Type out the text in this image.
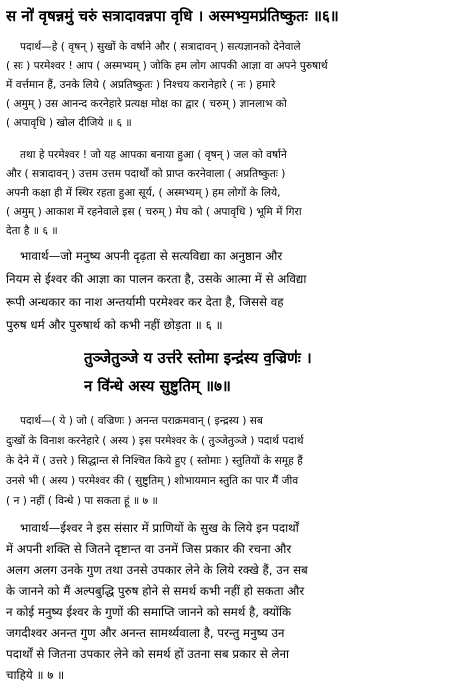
स नो॑ वृषन्नमुं चरुं सत्रादावन्नपा वृधि । अस्मभ्य॒मप्र॑तिष्कुतः ॥६॥
पदार्थ—हे ( वृषन् ) सुखों के वर्षाने और ( सत्रादावन् ) सत्यज्ञानको देनेवाले
( सः ) परमेश्वर ! आप ( अस्मभ्यम् ) जोकि हम लोग आपकी आज्ञा वा अपने पुरुषार्थ
में वर्त्तमान हैं, उनके लिये ( अप्रतिष्कुतः ) निश्चय करानेहारे ( नः ) हमारे
( अमुम् ) उस आनन्द करनेहारे प्रत्यक्ष मोक्ष का द्वार ( चरुम् ) ज्ञानलाभ को
( अपावृधि ) खोल दीजिये ॥ ६ ॥
तथा हे परमेश्वर ! जो यह आपका बनाया हुआ ( वृषन् ) जल को वर्षाने
और ( सत्रादावन् ) उत्तम उत्तम पदार्थों को प्राप्त करनेवाला ( अप्रतिष्कुतः )
अपनी कक्षा ही में स्थिर रहता हुआ सूर्य, ( अस्मभ्यम् ) हम लोगों के लिये,
( अमुम् ) आकाश में रहनेवाले इस ( चरुम् ) मेघ को ( अपावृधि ) भूमि में गिरा
देता है ॥ ६ ॥
भावार्थ—जो मनुष्य अपनी दृढ़ता से सत्यविद्या का अनुष्ठान और
नियम से ईश्वर की आज्ञा का पालन करता है, उसके आत्मा में से अविद्या
रूपी अन्धकार का नाश अन्तर्यामी परमेश्वर कर देता है, जिससे वह
पुरुष धर्म और पुरुषार्थ को कभी नहीं छोड़ता ॥ ६ ॥
तुञ्जेतुञ्जे य उत्त॑रे स्तोमा इन्द्र॑स्य व॒ज्रिणः॑ ।
न वि॑न्धे अस्य सुष्टुतिम् ॥७॥
पदार्थ—( ये ) जो ( वज्रिणः ) अनन्त पराक्रमवान् ( इन्द्रस्य ) सब
दुःखों के विनाश करनेहारे ( अस्य ) इस परमेश्वर के ( तुञ्जेतुञ्जे ) पदार्थ पदार्थ
के देने में ( उत्तरे ) सिद्धान्त से निश्चित किये हुए ( स्तोमाः ) स्तुतियों के समूह हैं
उनसे भी ( अस्य ) परमेश्वर की ( सुष्टुतिम् ) शोभायमान स्तुति का पार मैं जीव
( न ) नहीं ( विन्धे ) पा सकता हूं ॥ ७ ॥
भावार्थ—ईश्वर ने इस संसार में प्राणियों के सुख के लिये इन पदार्थों
में अपनी शक्ति से जितने दृष्टान्त वा उनमें जिस प्रकार की रचना और
अलग अलग उनके गुण तथा उनसे उपकार लेने के लिये रक्खे हैं, उन सब
के जानने को मैं अल्पबुद्धि पुरुष होने से समर्थ कभी नहीं हो सकता और
न कोई मनुष्य ईश्वर के गुणों की समाप्ति जानने को समर्थ है, क्योंकि
जगदीश्वर अनन्त गुण और अनन्त सामर्थ्यवाला है, परन्तु मनुष्य उन
पदार्थों से जितना उपकार लेने को समर्थ हों उतना सब प्रकार से लेना
चाहिये ॥ ७ ॥
